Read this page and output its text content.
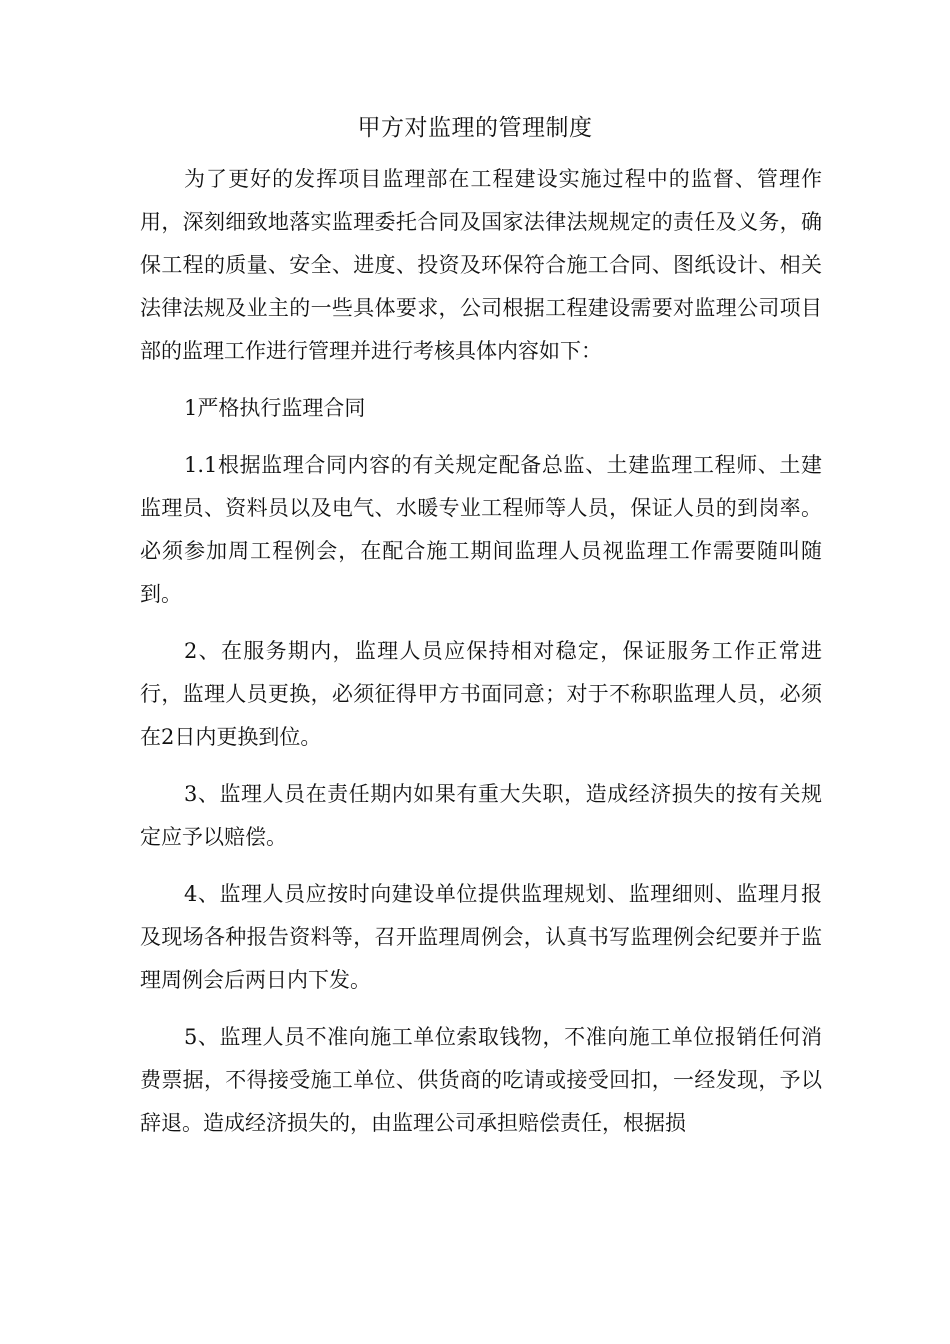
甲方对监理的管理制度

为了更好的发挥项目监理部在工程建设实施过程中的监督、管理作用，深刻细致地落实监理委托合同及国家法律法规规定的责任及义务，确保工程的质量、安全、进度、投资及环保符合施工合同、图纸设计、相关法律法规及业主的一些具体要求，公司根据工程建设需要对监理公司项目部的监理工作进行管理并进行考核具体内容如下：

1严格执行监理合同

1.1根据监理合同内容的有关规定配备总监、土建监理工程师、土建监理员、资料员以及电气、水暖专业工程师等人员，保证人员的到岗率。必须参加周工程例会，在配合施工期间监理人员视监理工作需要随叫随到。

2、在服务期内，监理人员应保持相对稳定，保证服务工作正常进行，监理人员更换，必须征得甲方书面同意；对于不称职监理人员，必须在2日内更换到位。

3、监理人员在责任期内如果有重大失职，造成经济损失的按有关规定应予以赔偿。

4、监理人员应按时向建设单位提供监理规划、监理细则、监理月报及现场各种报告资料等，召开监理周例会，认真书写监理例会纪要并于监理周例会后两日内下发。

5、监理人员不准向施工单位索取钱物，不准向施工单位报销任何消费票据，不得接受施工单位、供货商的吃请或接受回扣，一经发现，予以辞退。造成经济损失的，由监理公司承担赔偿责任，根据损
